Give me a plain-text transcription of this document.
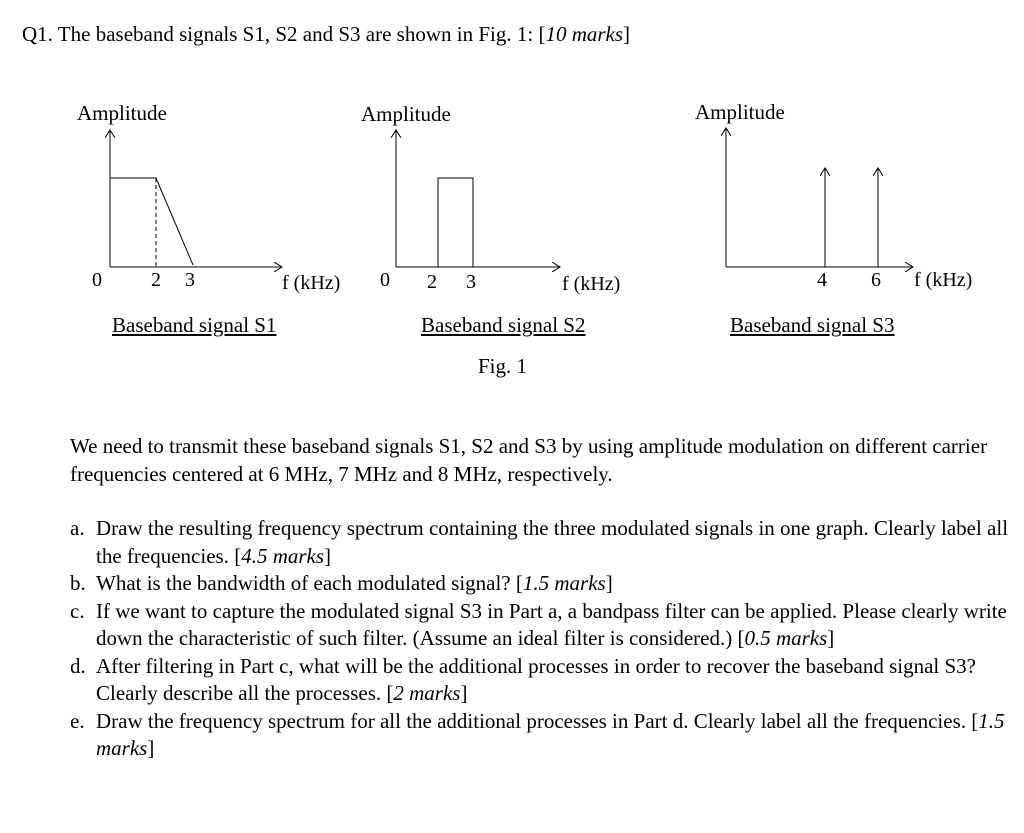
Q1. The baseband signals S1, S2 and S3 are shown in Fig. 1: [10 marks]
Amplitude
0 2 3	f (kHz)
Baseband signal S1
Amplitude
0 2 3	f (kHz)
Baseband signal S2
Amplitude
4 6 f (kHz)
Baseband signal S3
Fig. 1
We need to transmit these baseband signals S1, S2 and S3 by using amplitude modulation on different carrier frequencies centered at 6 MHz, 7 MHz and 8 MHz, respectively.
a. Draw the resulting frequency spectrum containing the three modulated signals in one graph. Clearly label all the frequencies. [4.5 marks]
b. What is the bandwidth of each modulated signal? [1.5 marks]
c. If we want to capture the modulated signal S3 in Part a, a bandpass filter can be applied. Please clearly write down the characteristic of such filter. (Assume an ideal filter is considered.) [0.5 marks]
d. After filtering in Part c, what will be the additional processes in order to recover the baseband signal S3? Clearly describe all the processes. [2 marks]
e. Draw the frequency spectrum for all the additional processes in Part d. Clearly label all the frequencies. [1.5 marks]
